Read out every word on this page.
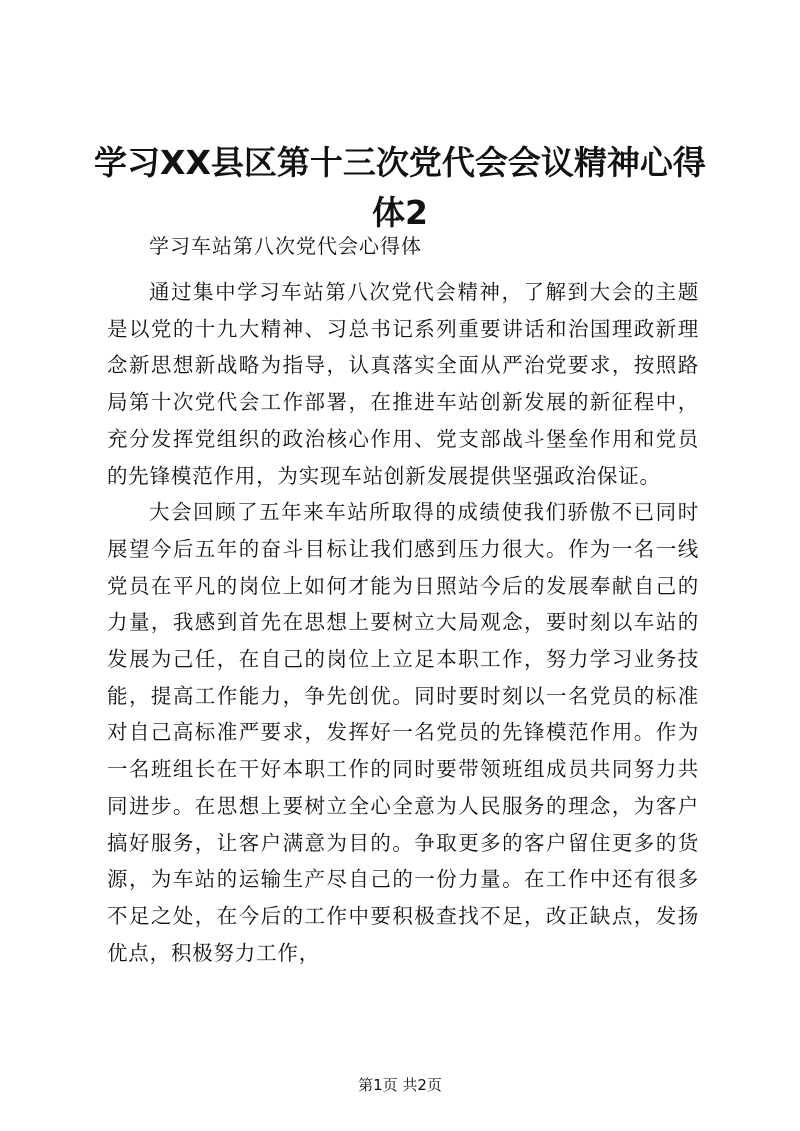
学习XX县区第十三次党代会会议精神心得体2

学习车站第八次党代会心得体

通过集中学习车站第八次党代会精神，了解到大会的主题是以党的十九大精神、习总书记系列重要讲话和治国理政新理念新思想新战略为指导，认真落实全面从严治党要求，按照路局第十次党代会工作部署，在推进车站创新发展的新征程中，充分发挥党组织的政治核心作用、党支部战斗堡垒作用和党员的先锋模范作用，为实现车站创新发展提供坚强政治保证。

大会回顾了五年来车站所取得的成绩使我们骄傲不已同时展望今后五年的奋斗目标让我们感到压力很大。作为一名一线党员在平凡的岗位上如何才能为日照站今后的发展奉献自己的力量，我感到首先在思想上要树立大局观念，要时刻以车站的发展为己任，在自己的岗位上立足本职工作，努力学习业务技能，提高工作能力，争先创优。同时要时刻以一名党员的标准对自己高标准严要求，发挥好一名党员的先锋模范作用。作为一名班组长在干好本职工作的同时要带领班组成员共同努力共同进步。在思想上要树立全心全意为人民服务的理念，为客户搞好服务，让客户满意为目的。争取更多的客户留住更多的货源，为车站的运输生产尽自己的一份力量。在工作中还有很多不足之处，在今后的工作中要积极查找不足，改正缺点，发扬优点，积极努力工作，

第1页 共2页
